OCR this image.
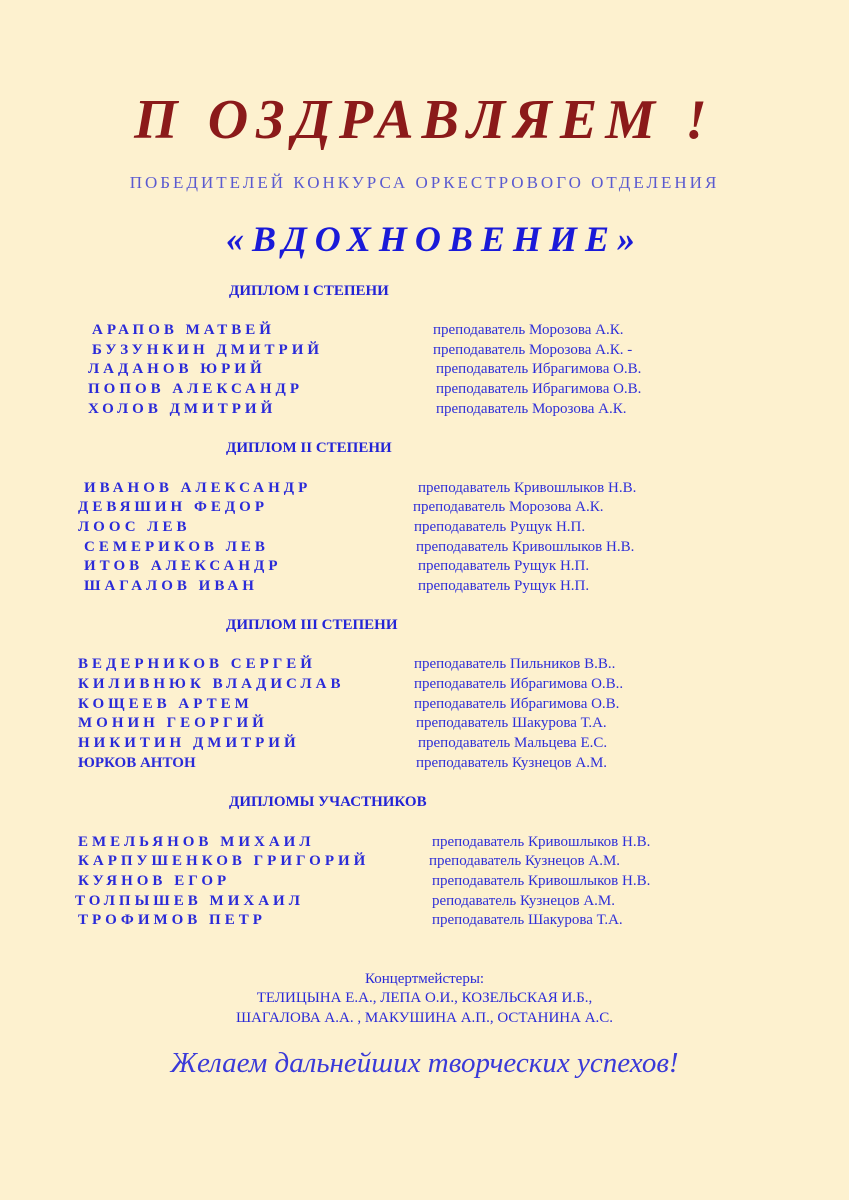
П ОЗДРАВЛЯЕМ !
ПОБЕДИТЕЛЕЙ КОНКУРСА ОРКЕСТРОВОГО ОТДЕЛЕНИЯ
«ВДОХНОВЕНИЕ»
ДИПЛОМ I СТЕПЕНИ
АРАПОВ МАТВЕЙ	преподаватель Морозова А.К.
БУЗУНКИН ДМИТРИЙ	преподаватель Морозова А.К. -
ЛАДАНОВ ЮРИЙ	преподаватель Ибрагимова О.В.
ПОПОВ АЛЕКСАНДР	преподаватель Ибрагимова О.В.
ХОЛОВ ДМИТРИЙ	преподаватель Морозова А.К.
ДИПЛОМ II СТЕПЕНИ
ИВАНОВ АЛЕКСАНДР	преподаватель Кривошлыков Н.В.
ДЕВЯШИН ФЕДОР	преподаватель Морозова А.К.
ЛООС ЛЕВ	преподаватель Рущук Н.П.
СЕМЕРИКОВ ЛЕВ	преподаватель Кривошлыков Н.В.
ИТОВ АЛЕКСАНДР	преподаватель Рущук Н.П.
ШАГАЛОВ ИВАН	преподаватель Рущук Н.П.
ДИПЛОМ III СТЕПЕНИ
ВЕДЕРНИКОВ СЕРГЕЙ	преподаватель Пильников В.В..
КИЛИВНЮК ВЛАДИСЛАВ	преподаватель Ибрагимова О.В..
КОЩЕЕВ АРТЕМ	преподаватель Ибрагимова О.В.
МОНИН ГЕОРГИЙ	преподаватель Шакурова Т.А.
НИКИТИН ДМИТРИЙ	преподаватель Мальцева Е.С.
ЮРКОВ АНТОН	преподаватель Кузнецов А.М.
ДИПЛОМЫ УЧАСТНИКОВ
ЕМЕЛЬЯНОВ МИХАИЛ	преподаватель Кривошлыков Н.В.
КАРПУШЕНКОВ ГРИГОРИЙ	преподаватель Кузнецов А.М.
КУЯНОВ ЕГОР	преподаватель Кривошлыков Н.В.
ТОЛПЫШЕВ МИХАИЛ	реподаватель Кузнецов А.М.
ТРОФИМОВ ПЕТР	преподаватель Шакурова Т.А.
Концертмейстеры:
ТЕЛИЦЫНА Е.А., ЛЕПА О.И., КОЗЕЛЬСКАЯ И.Б.,
ШАГАЛОВА А.А. , МАКУШИНА А.П., ОСТАНИНА А.С.
Желаем дальнейших творческих успехов!
